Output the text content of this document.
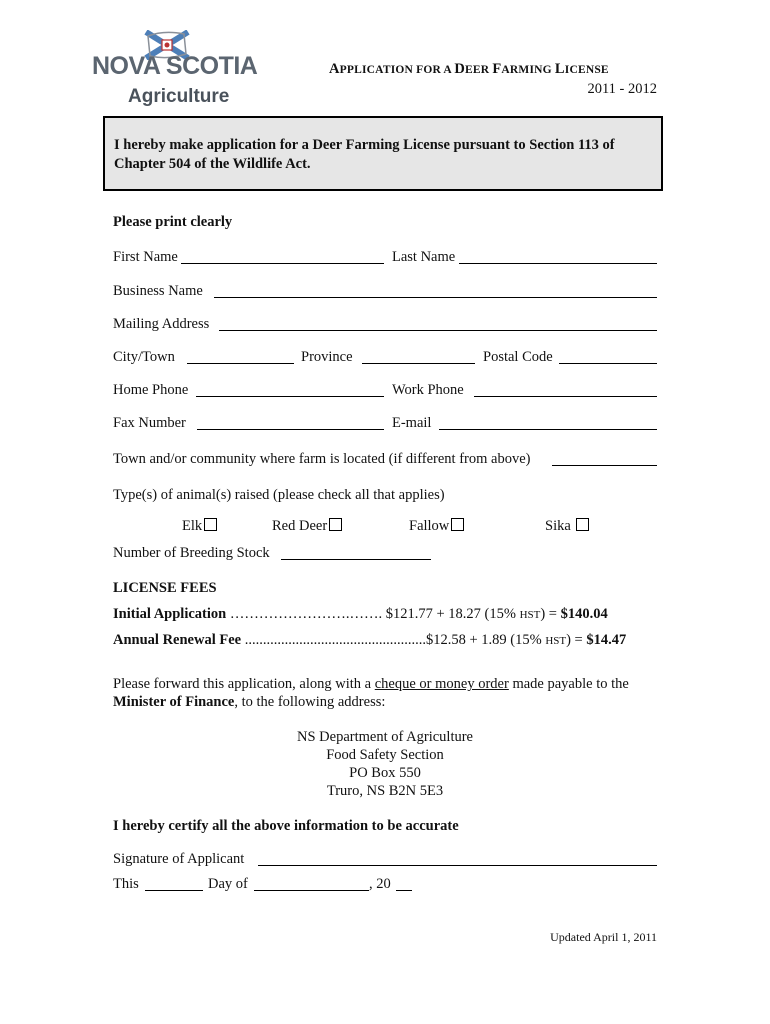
NOVA SCOTIA
Agriculture
APPLICATION FOR A DEER FARMING LICENSE
2011 - 2012
I hereby make application for a Deer Farming License pursuant to Section 113 of Chapter 504 of the Wildlife Act.
Please print clearly
First Name	Last Name
Business Name
Mailing Address
City/Town	Province	Postal Code
Home Phone	Work Phone
Fax Number	E-mail
Town and/or community where farm is located (if different from above)
Type(s) of animal(s) raised (please check all that applies)
Elk	Red Deer	Fallow	Sika
Number of Breeding Stock
LICENSE FEES
Initial Application …………………….……. $121.77 + 18.27 (15% HST) = $140.04
Annual Renewal Fee ..................................................$12.58 + 1.89 (15% HST) = $14.47
Please forward this application, along with a cheque or money order made payable to the
Minister of Finance, to the following address:
NS Department of Agriculture
Food Safety Section
PO Box 550
Truro, NS B2N 5E3
I hereby certify all the above information to be accurate
Signature of Applicant
This	Day of	, 20
Updated April 1, 2011
